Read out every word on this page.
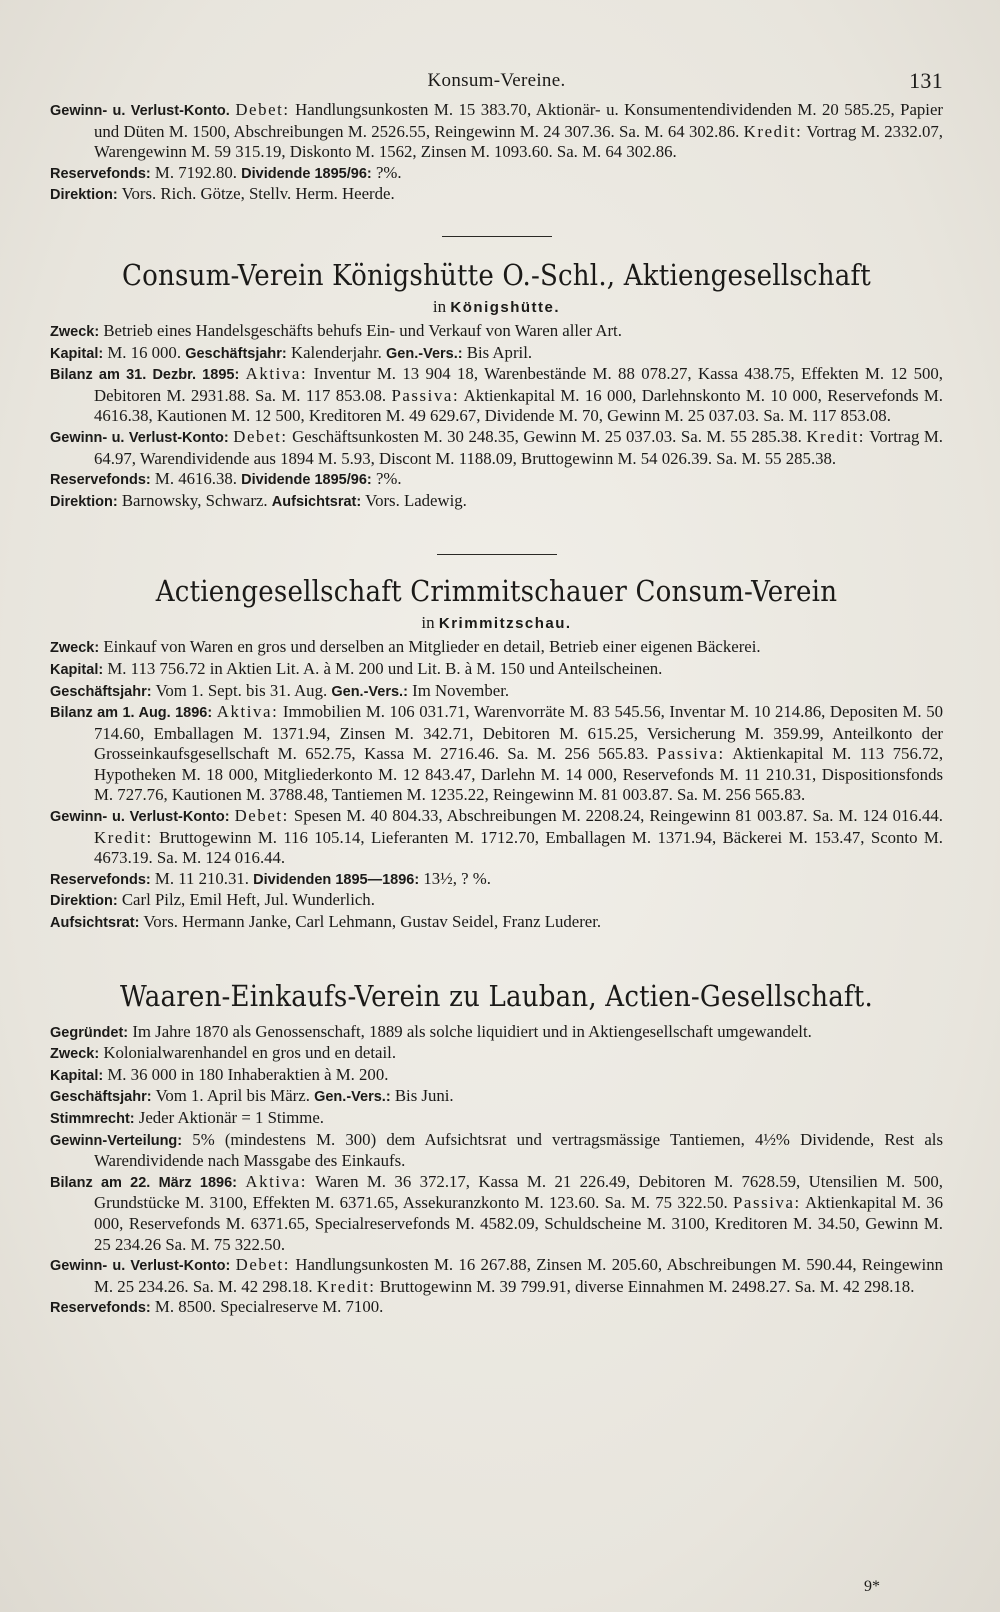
Konsum-Vereine.	131

Gewinn- u. Verlust-Konto. Debet: Handlungsunkosten M. 15 383.70, Aktionär- u. Konsumentendividenden M. 20 585.25, Papier und Düten M. 1500, Abschreibungen M. 2526.55, Reingewinn M. 24 307.36. Sa. M. 64 302.86. Kredit: Vortrag M. 2332.07, Warengewinn M. 59 315.19, Diskonto M. 1562, Zinsen M. 1093.60. Sa. M. 64 302.86.

Reservefonds: M. 7192.80. Dividende 1895/96: ?%.

Direktion: Vors. Rich. Götze, Stellv. Herm. Heerde.

Consum-Verein Königshütte O.-Schl., Aktiengesellschaft
in Königshütte.

Zweck: Betrieb eines Handelsgeschäfts behufs Ein- und Verkauf von Waren aller Art.

Kapital: M. 16 000. Geschäftsjahr: Kalenderjahr. Gen.-Vers.: Bis April.

Bilanz am 31. Dezbr. 1895: Aktiva: Inventur M. 13 904 18, Warenbestände M. 88 078.27, Kassa 438.75, Effekten M. 12 500, Debitoren M. 2931.88. Sa. M. 117 853.08. Passiva: Aktienkapital M. 16 000, Darlehnskonto M. 10 000, Reservefonds M. 4616.38, Kautionen M. 12 500, Kreditoren M. 49 629.67, Dividende M. 70, Gewinn M. 25 037.03. Sa. M. 117 853.08.

Gewinn- u. Verlust-Konto: Debet: Geschäftsunkosten M. 30 248.35, Gewinn M. 25 037.03. Sa. M. 55 285.38. Kredit: Vortrag M. 64.97, Warendividende aus 1894 M. 5.93, Discont M. 1188.09, Bruttogewinn M. 54 026.39. Sa. M. 55 285.38.

Reservefonds: M. 4616.38. Dividende 1895/96: ?%.

Direktion: Barnowsky, Schwarz. Aufsichtsrat: Vors. Ladewig.

Actiengesellschaft Crimmitschauer Consum-Verein
in Krimmitzschau.

Zweck: Einkauf von Waren en gros und derselben an Mitglieder en detail, Betrieb einer eigenen Bäckerei.

Kapital: M. 113 756.72 in Aktien Lit. A. à M. 200 und Lit. B. à M. 150 und Anteilscheinen.

Geschäftsjahr: Vom 1. Sept. bis 31. Aug. Gen.-Vers.: Im November.

Bilanz am 1. Aug. 1896: Aktiva: Immobilien M. 106 031.71, Warenvorräte M. 83 545.56, Inventar M. 10 214.86, Depositen M. 50 714.60, Emballagen M. 1371.94, Zinsen M. 342.71, Debitoren M. 615.25, Versicherung M. 359.99, Anteilkonto der Grosseinkaufsgesellschaft M. 652.75, Kassa M. 2716.46. Sa. M. 256 565.83. Passiva: Aktienkapital M. 113 756.72, Hypotheken M. 18 000, Mitgliederkonto M. 12 843.47, Darlehn M. 14 000, Reservefonds M. 11 210.31, Dispositionsfonds M. 727.76, Kautionen M. 3788.48, Tantiemen M. 1235.22, Reingewinn M. 81 003.87. Sa. M. 256 565.83.

Gewinn- u. Verlust-Konto: Debet: Spesen M. 40 804.33, Abschreibungen M. 2208.24, Reingewinn 81 003.87. Sa. M. 124 016.44. Kredit: Bruttogewinn M. 116 105.14, Lieferanten M. 1712.70, Emballagen M. 1371.94, Bäckerei M. 153.47, Sconto M. 4673.19. Sa. M. 124 016.44.

Reservefonds: M. 11 210.31. Dividenden 1895—1896: 13½, ? %.

Direktion: Carl Pilz, Emil Heft, Jul. Wunderlich.

Aufsichtsrat: Vors. Hermann Janke, Carl Lehmann, Gustav Seidel, Franz Luderer.

Waaren-Einkaufs-Verein zu Lauban, Actien-Gesellschaft.

Gegründet: Im Jahre 1870 als Genossenschaft, 1889 als solche liquidiert und in Aktiengesellschaft umgewandelt.

Zweck: Kolonialwarenhandel en gros und en detail.

Kapital: M. 36 000 in 180 Inhaberaktien à M. 200.

Geschäftsjahr: Vom 1. April bis März. Gen.-Vers.: Bis Juni.

Stimmrecht: Jeder Aktionär = 1 Stimme.

Gewinn-Verteilung: 5% (mindestens M. 300) dem Aufsichtsrat und vertragsmässige Tantiemen, 4½% Dividende, Rest als Warendividende nach Massgabe des Einkaufs.

Bilanz am 22. März 1896: Aktiva: Waren M. 36 372.17, Kassa M. 21 226.49, Debitoren M. 7628.59, Utensilien M. 500, Grundstücke M. 3100, Effekten M. 6371.65, Assekuranzkonto M. 123.60. Sa. M. 75 322.50. Passiva: Aktienkapital M. 36 000, Reservefonds M. 6371.65, Specialreservefonds M. 4582.09, Schuldscheine M. 3100, Kreditoren M. 34.50, Gewinn M. 25 234.26 Sa. M. 75 322.50.

Gewinn- u. Verlust-Konto: Debet: Handlungsunkosten M. 16 267.88, Zinsen M. 205.60, Abschreibungen M. 590.44, Reingewinn M. 25 234.26. Sa. M. 42 298.18. Kredit: Bruttogewinn M. 39 799.91, diverse Einnahmen M. 2498.27. Sa. M. 42 298.18.

Reservefonds: M. 8500. Specialreserve M. 7100.

9*
